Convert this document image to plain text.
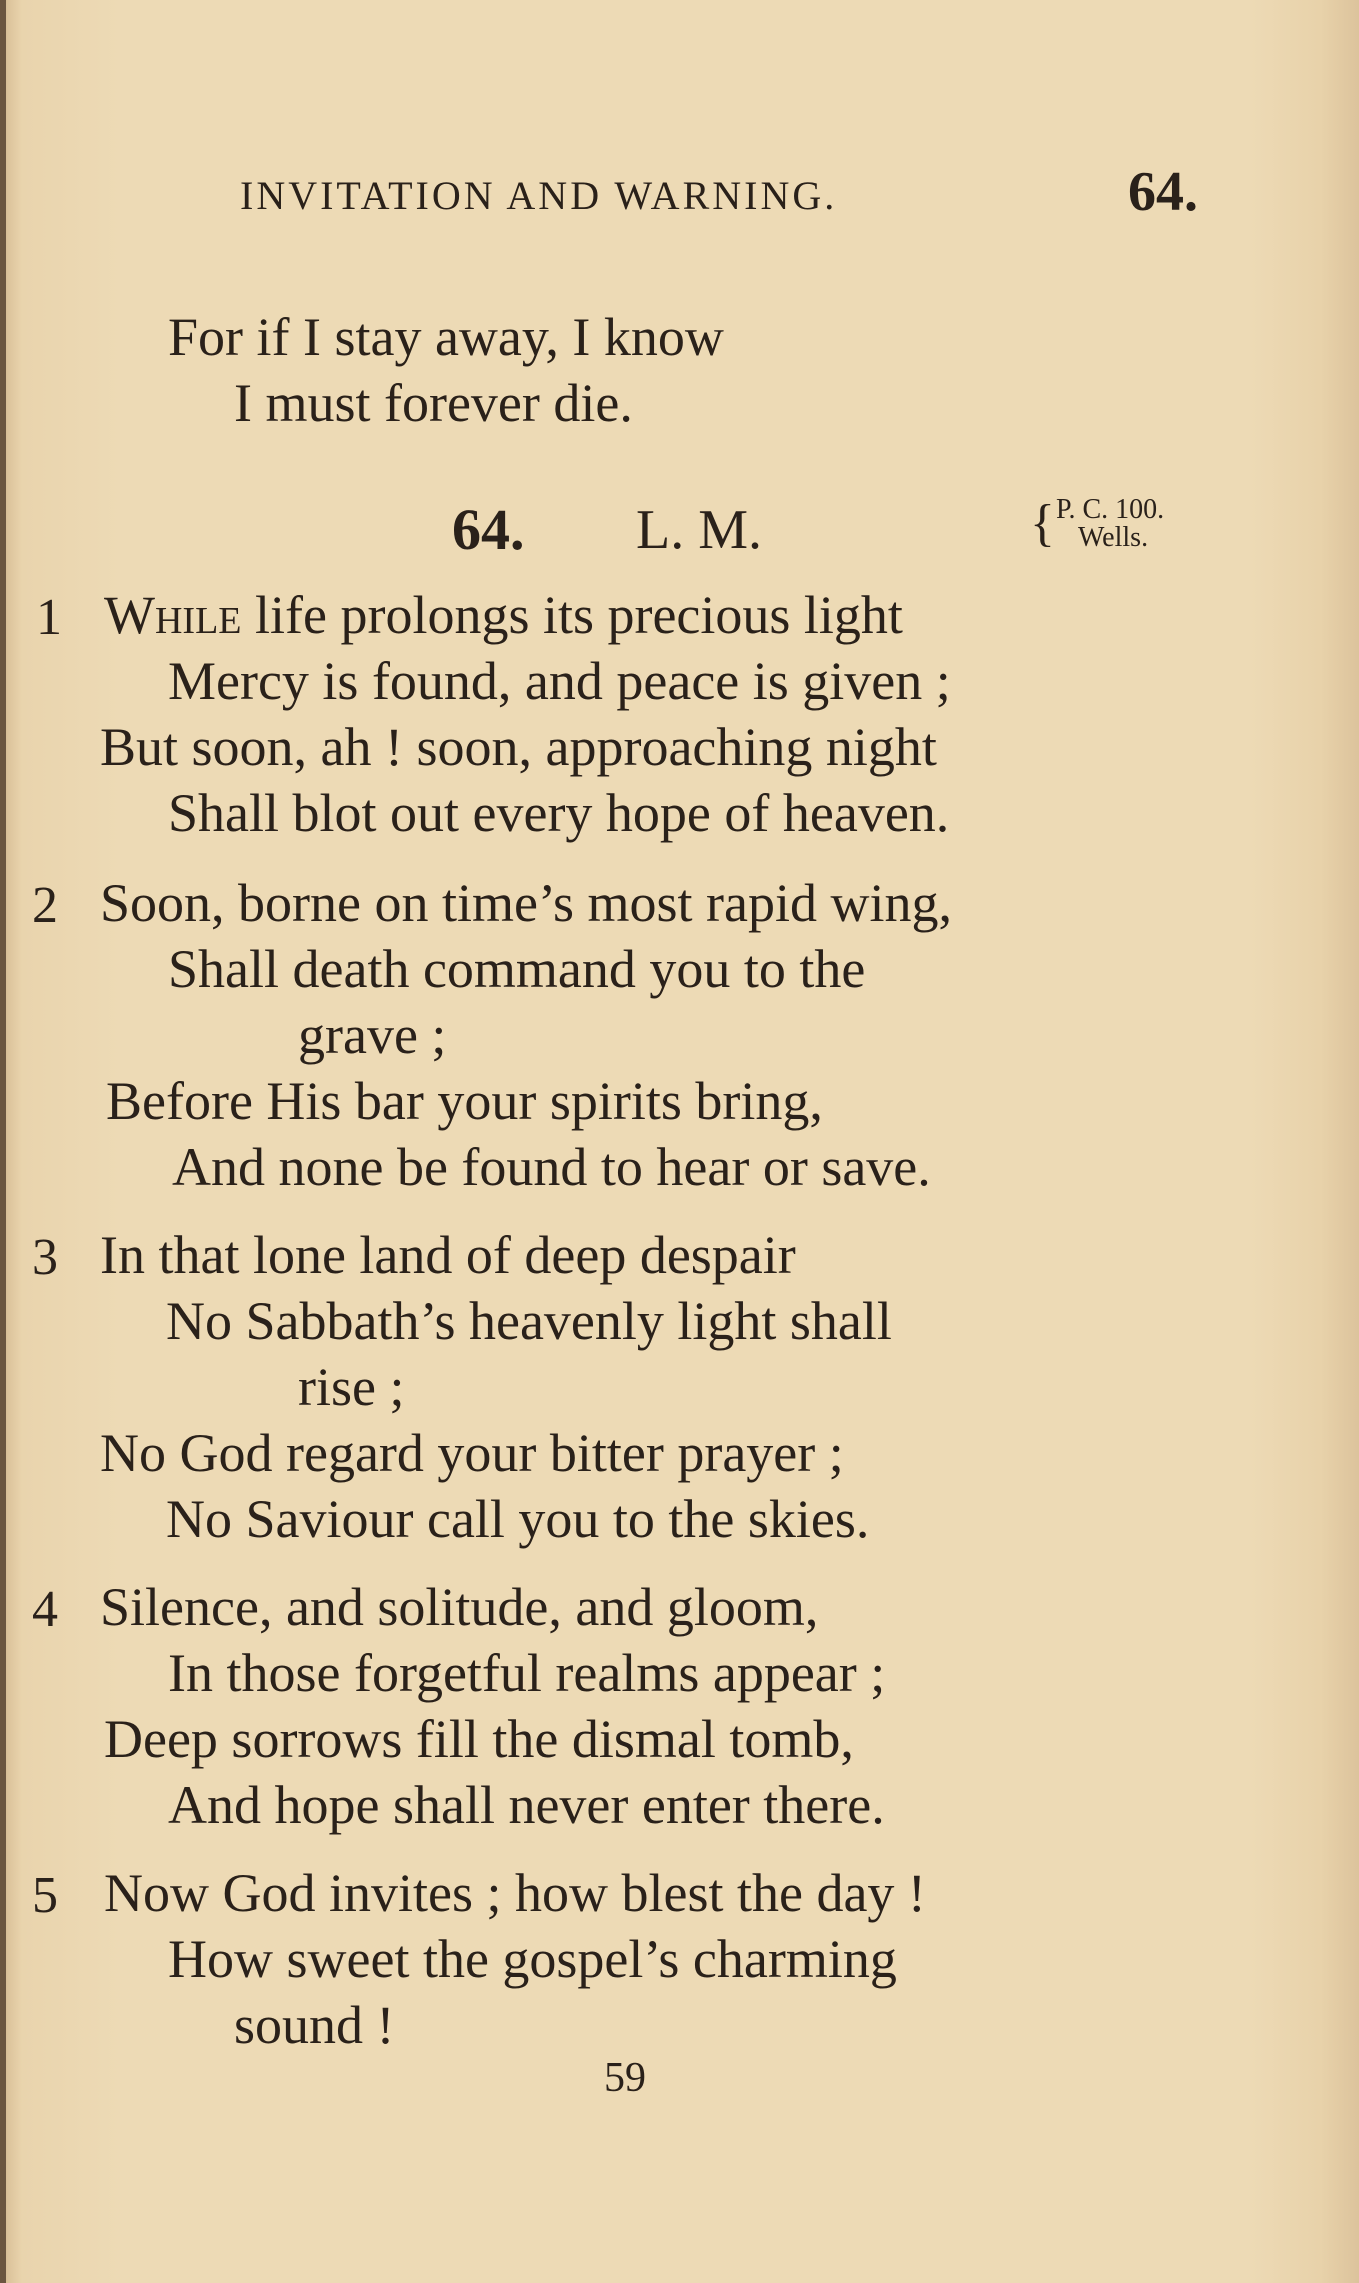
INVITATION AND WARNING.	64.
For if I stay away, I know
I must forever die.
64. L. M.	{ P. C. 100.
Wells.
1 While life prolongs its precious light
Mercy is found, and peace is given ;
But soon, ah ! soon, approaching night
Shall blot out every hope of heaven.
2 Soon, borne on time’s most rapid wing,
Shall death command you to the
grave ;
Before His bar your spirits bring,
And none be found to hear or save.
3 In that lone land of deep despair
No Sabbath’s heavenly light shall
rise ;
No God regard your bitter prayer ;
No Saviour call you to the skies.
4 Silence, and solitude, and gloom,
In those forgetful realms appear ;
Deep sorrows fill the dismal tomb,
And hope shall never enter there.
5 Now God invites ; how blest the day !
How sweet the gospel’s charming
sound !
59
